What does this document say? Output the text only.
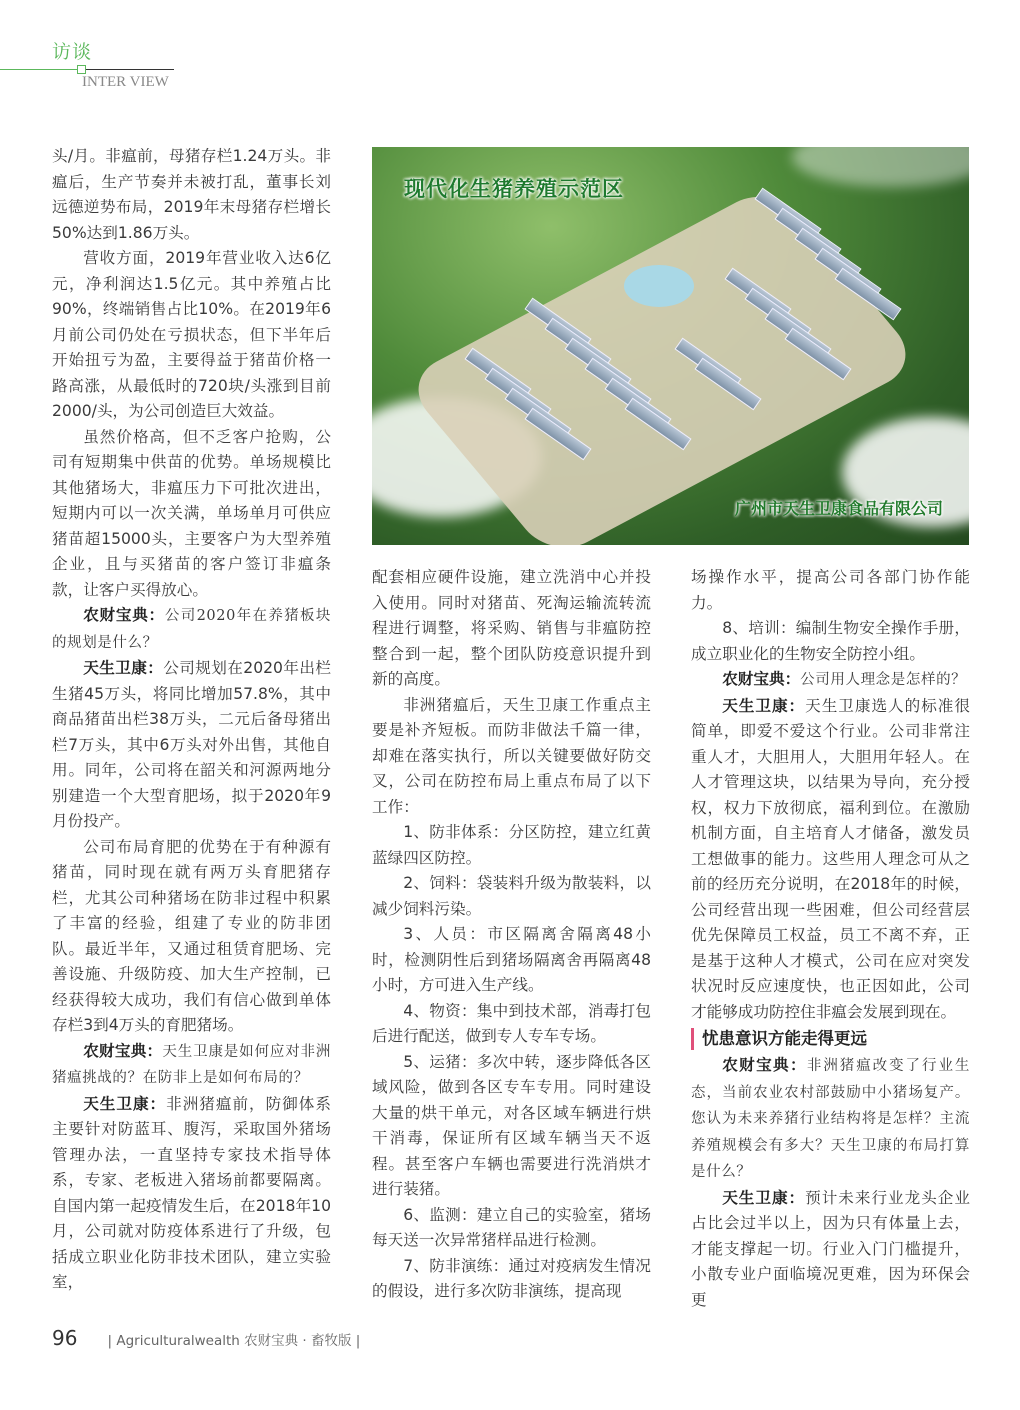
访谈
INTER VIEW
现代化生猪养殖示范区
广州市天生卫康食品有限公司

头/月。非瘟前，母猪存栏1.24万头。非瘟后，生产节奏并未被打乱，董事长刘远德逆势布局，2019年末母猪存栏增长50%达到1.86万头。

营收方面，2019年营业收入达6亿元，净利润达1.5亿元。其中养殖占比90%，终端销售占比10%。在2019年6月前公司仍处在亏损状态，但下半年后开始扭亏为盈，主要得益于猪苗价格一路高涨，从最低时的720块/头涨到目前2000/头，为公司创造巨大效益。

虽然价格高，但不乏客户抢购，公司有短期集中供苗的优势。单场规模比其他猪场大，非瘟压力下可批次进出，短期内可以一次关满，单场单月可供应猪苗超15000头，主要客户为大型养殖企业，且与买猪苗的客户签订非瘟条款，让客户买得放心。

农财宝典：公司2020年在养猪板块的规划是什么？

天生卫康：公司规划在2020年出栏生猪45万头，将同比增加57.8%，其中商品猪苗出栏38万头，二元后备母猪出栏7万头，其中6万头对外出售，其他自用。同年，公司将在韶关和河源两地分别建造一个大型育肥场，拟于2020年9月份投产。

公司布局育肥的优势在于有种源有猪苗，同时现在就有两万头育肥猪存栏，尤其公司种猪场在防非过程中积累了丰富的经验，组建了专业的防非团队。最近半年，又通过租赁育肥场、完善设施、升级防疫、加大生产控制，已经获得较大成功，我们有信心做到单体存栏3到4万头的育肥猪场。

农财宝典：天生卫康是如何应对非洲猪瘟挑战的？在防非上是如何布局的？

天生卫康：非洲猪瘟前，防御体系主要针对防蓝耳、腹泻，采取国外猪场管理办法，一直坚持专家技术指导体系，专家、老板进入猪场前都要隔离。自国内第一起疫情发生后，在2018年10月，公司就对防疫体系进行了升级，包括成立职业化防非技术团队，建立实验室，

配套相应硬件设施，建立洗消中心并投入使用。同时对猪苗、死淘运输流转流程进行调整，将采购、销售与非瘟防控整合到一起，整个团队防疫意识提升到新的高度。

非洲猪瘟后，天生卫康工作重点主要是补齐短板。而防非做法千篇一律，却难在落实执行，所以关键要做好防交叉，公司在防控布局上重点布局了以下工作：

1、防非体系：分区防控，建立红黄蓝绿四区防控。

2、饲料：袋装料升级为散装料，以减少饲料污染。

3、人员：市区隔离舍隔离48小时，检测阴性后到猪场隔离舍再隔离48小时，方可进入生产线。

4、物资：集中到技术部，消毒打包后进行配送，做到专人专车专场。

5、运猪：多次中转，逐步降低各区域风险，做到各区专车专用。同时建设大量的烘干单元，对各区域车辆进行烘干消毒，保证所有区域车辆当天不返程。甚至客户车辆也需要进行洗消烘才进行装猪。

6、监测：建立自己的实验室，猪场每天送一次异常猪样品进行检测。

7、防非演练：通过对疫病发生情况的假设，进行多次防非演练，提高现

场操作水平，提高公司各部门协作能力。

8、培训：编制生物安全操作手册，成立职业化的生物安全防控小组。

农财宝典：公司用人理念是怎样的？

天生卫康：天生卫康选人的标准很简单，即爱不爱这个行业。公司非常注重人才，大胆用人，大胆用年轻人。在人才管理这块，以结果为导向，充分授权，权力下放彻底，福利到位。在激励机制方面，自主培育人才储备，激发员工想做事的能力。这些用人理念可从之前的经历充分说明，在2018年的时候，公司经营出现一些困难，但公司经营层优先保障员工权益，员工不离不弃，正是基于这种人才模式，公司在应对突发状况时反应速度快，也正因如此，公司才能够成功防控住非瘟会发展到现在。

忧患意识方能走得更远

农财宝典：非洲猪瘟改变了行业生态，当前农业农村部鼓励中小猪场复产。您认为未来养猪行业结构将是怎样？主流养殖规模会有多大？天生卫康的布局打算是什么？

天生卫康：预计未来行业龙头企业占比会过半以上，因为只有体量上去，才能支撑起一切。行业入门门槛提升，小散专业户面临境况更难，因为环保会更

96 | Agriculturalwealth 农财宝典 · 畜牧版 |
